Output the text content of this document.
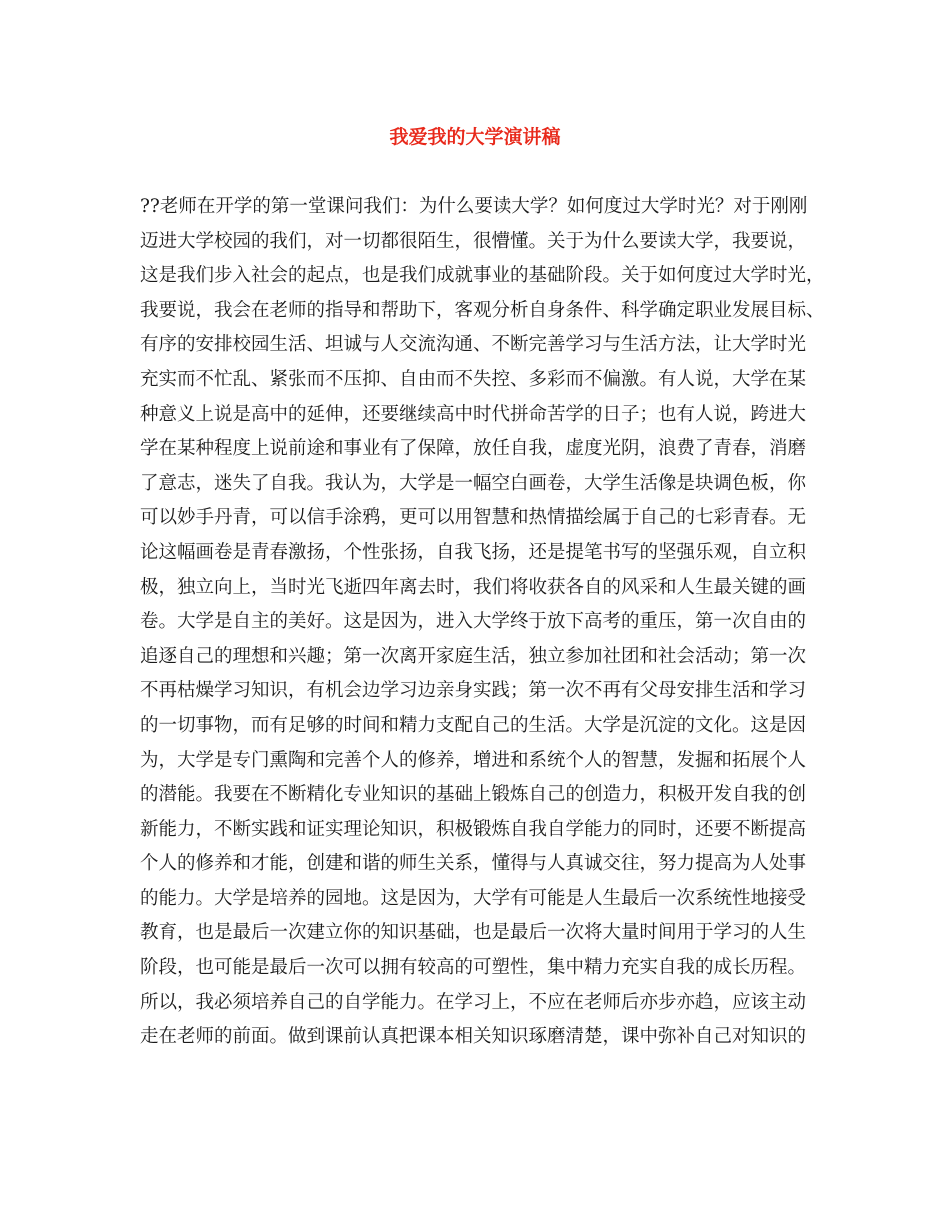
我爱我的大学演讲稿
??老师在开学的第一堂课问我们：为什么要读大学？如何度过大学时光？对于刚刚
迈进大学校园的我们，对一切都很陌生，很懵懂。关于为什么要读大学，我要说，
这是我们步入社会的起点，也是我们成就事业的基础阶段。关于如何度过大学时光，
我要说，我会在老师的指导和帮助下，客观分析自身条件、科学确定职业发展目标、
有序的安排校园生活、坦诚与人交流沟通、不断完善学习与生活方法，让大学时光
充实而不忙乱、紧张而不压抑、自由而不失控、多彩而不偏激。有人说，大学在某
种意义上说是高中的延伸，还要继续高中时代拼命苦学的日子；也有人说，跨进大
学在某种程度上说前途和事业有了保障，放任自我，虚度光阴，浪费了青春，消磨
了意志，迷失了自我。我认为，大学是一幅空白画卷，大学生活像是块调色板，你
可以妙手丹青，可以信手涂鸦，更可以用智慧和热情描绘属于自己的七彩青春。无
论这幅画卷是青春激扬，个性张扬，自我飞扬，还是提笔书写的坚强乐观，自立积
极，独立向上，当时光飞逝四年离去时，我们将收获各自的风采和人生最关键的画
卷。大学是自主的美好。这是因为，进入大学终于放下高考的重压，第一次自由的
追逐自己的理想和兴趣；第一次离开家庭生活，独立参加社团和社会活动；第一次
不再枯燥学习知识，有机会边学习边亲身实践；第一次不再有父母安排生活和学习
的一切事物，而有足够的时间和精力支配自己的生活。大学是沉淀的文化。这是因
为，大学是专门熏陶和完善个人的修养，增进和系统个人的智慧，发掘和拓展个人
的潜能。我要在不断精化专业知识的基础上锻炼自己的创造力，积极开发自我的创
新能力，不断实践和证实理论知识，积极锻炼自我自学能力的同时，还要不断提高
个人的修养和才能，创建和谐的师生关系，懂得与人真诚交往，努力提高为人处事
的能力。大学是培养的园地。这是因为，大学有可能是人生最后一次系统性地接受
教育，也是最后一次建立你的知识基础，也是最后一次将大量时间用于学习的人生
阶段，也可能是最后一次可以拥有较高的可塑性，集中精力充实自我的成长历程。
所以，我必须培养自己的自学能力。在学习上，不应在老师后亦步亦趋，应该主动
走在老师的前面。做到课前认真把课本相关知识琢磨清楚，课中弥补自己对知识的
